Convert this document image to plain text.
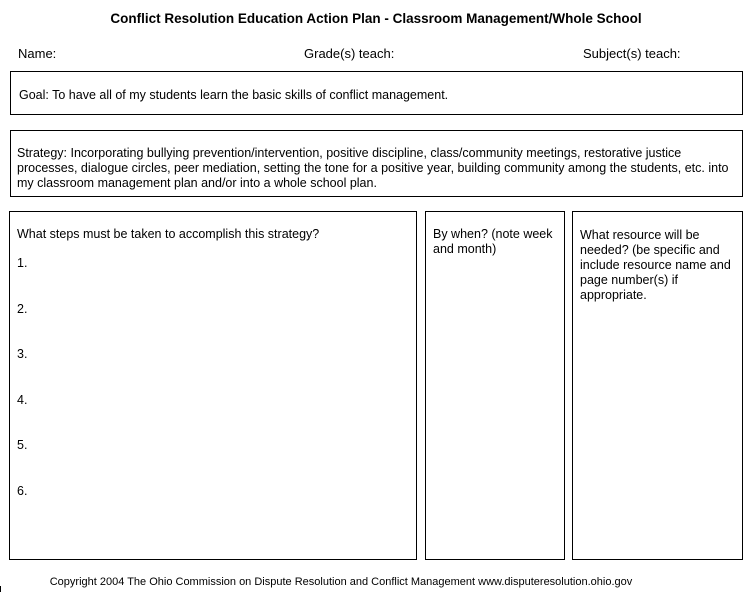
Conflict Resolution Education Action Plan - Classroom Management/Whole School
Name:	Grade(s) teach:	Subject(s) teach:
Goal: To have all of my students learn the basic skills of conflict management.
Strategy: Incorporating bullying prevention/intervention, positive discipline, class/community meetings, restorative justice processes, dialogue circles, peer mediation, setting the tone for a positive year, building community among the students, etc. into my classroom management plan and/or into a whole school plan.
What steps must be taken to accomplish this strategy?
1.
2.
3.
4.
5.
6.
By when? (note week and month)
What resource will be needed? (be specific and include resource name and page number(s) if appropriate.
Copyright 2004 The Ohio Commission on Dispute Resolution and Conflict Management www.disputeresolution.ohio.gov
